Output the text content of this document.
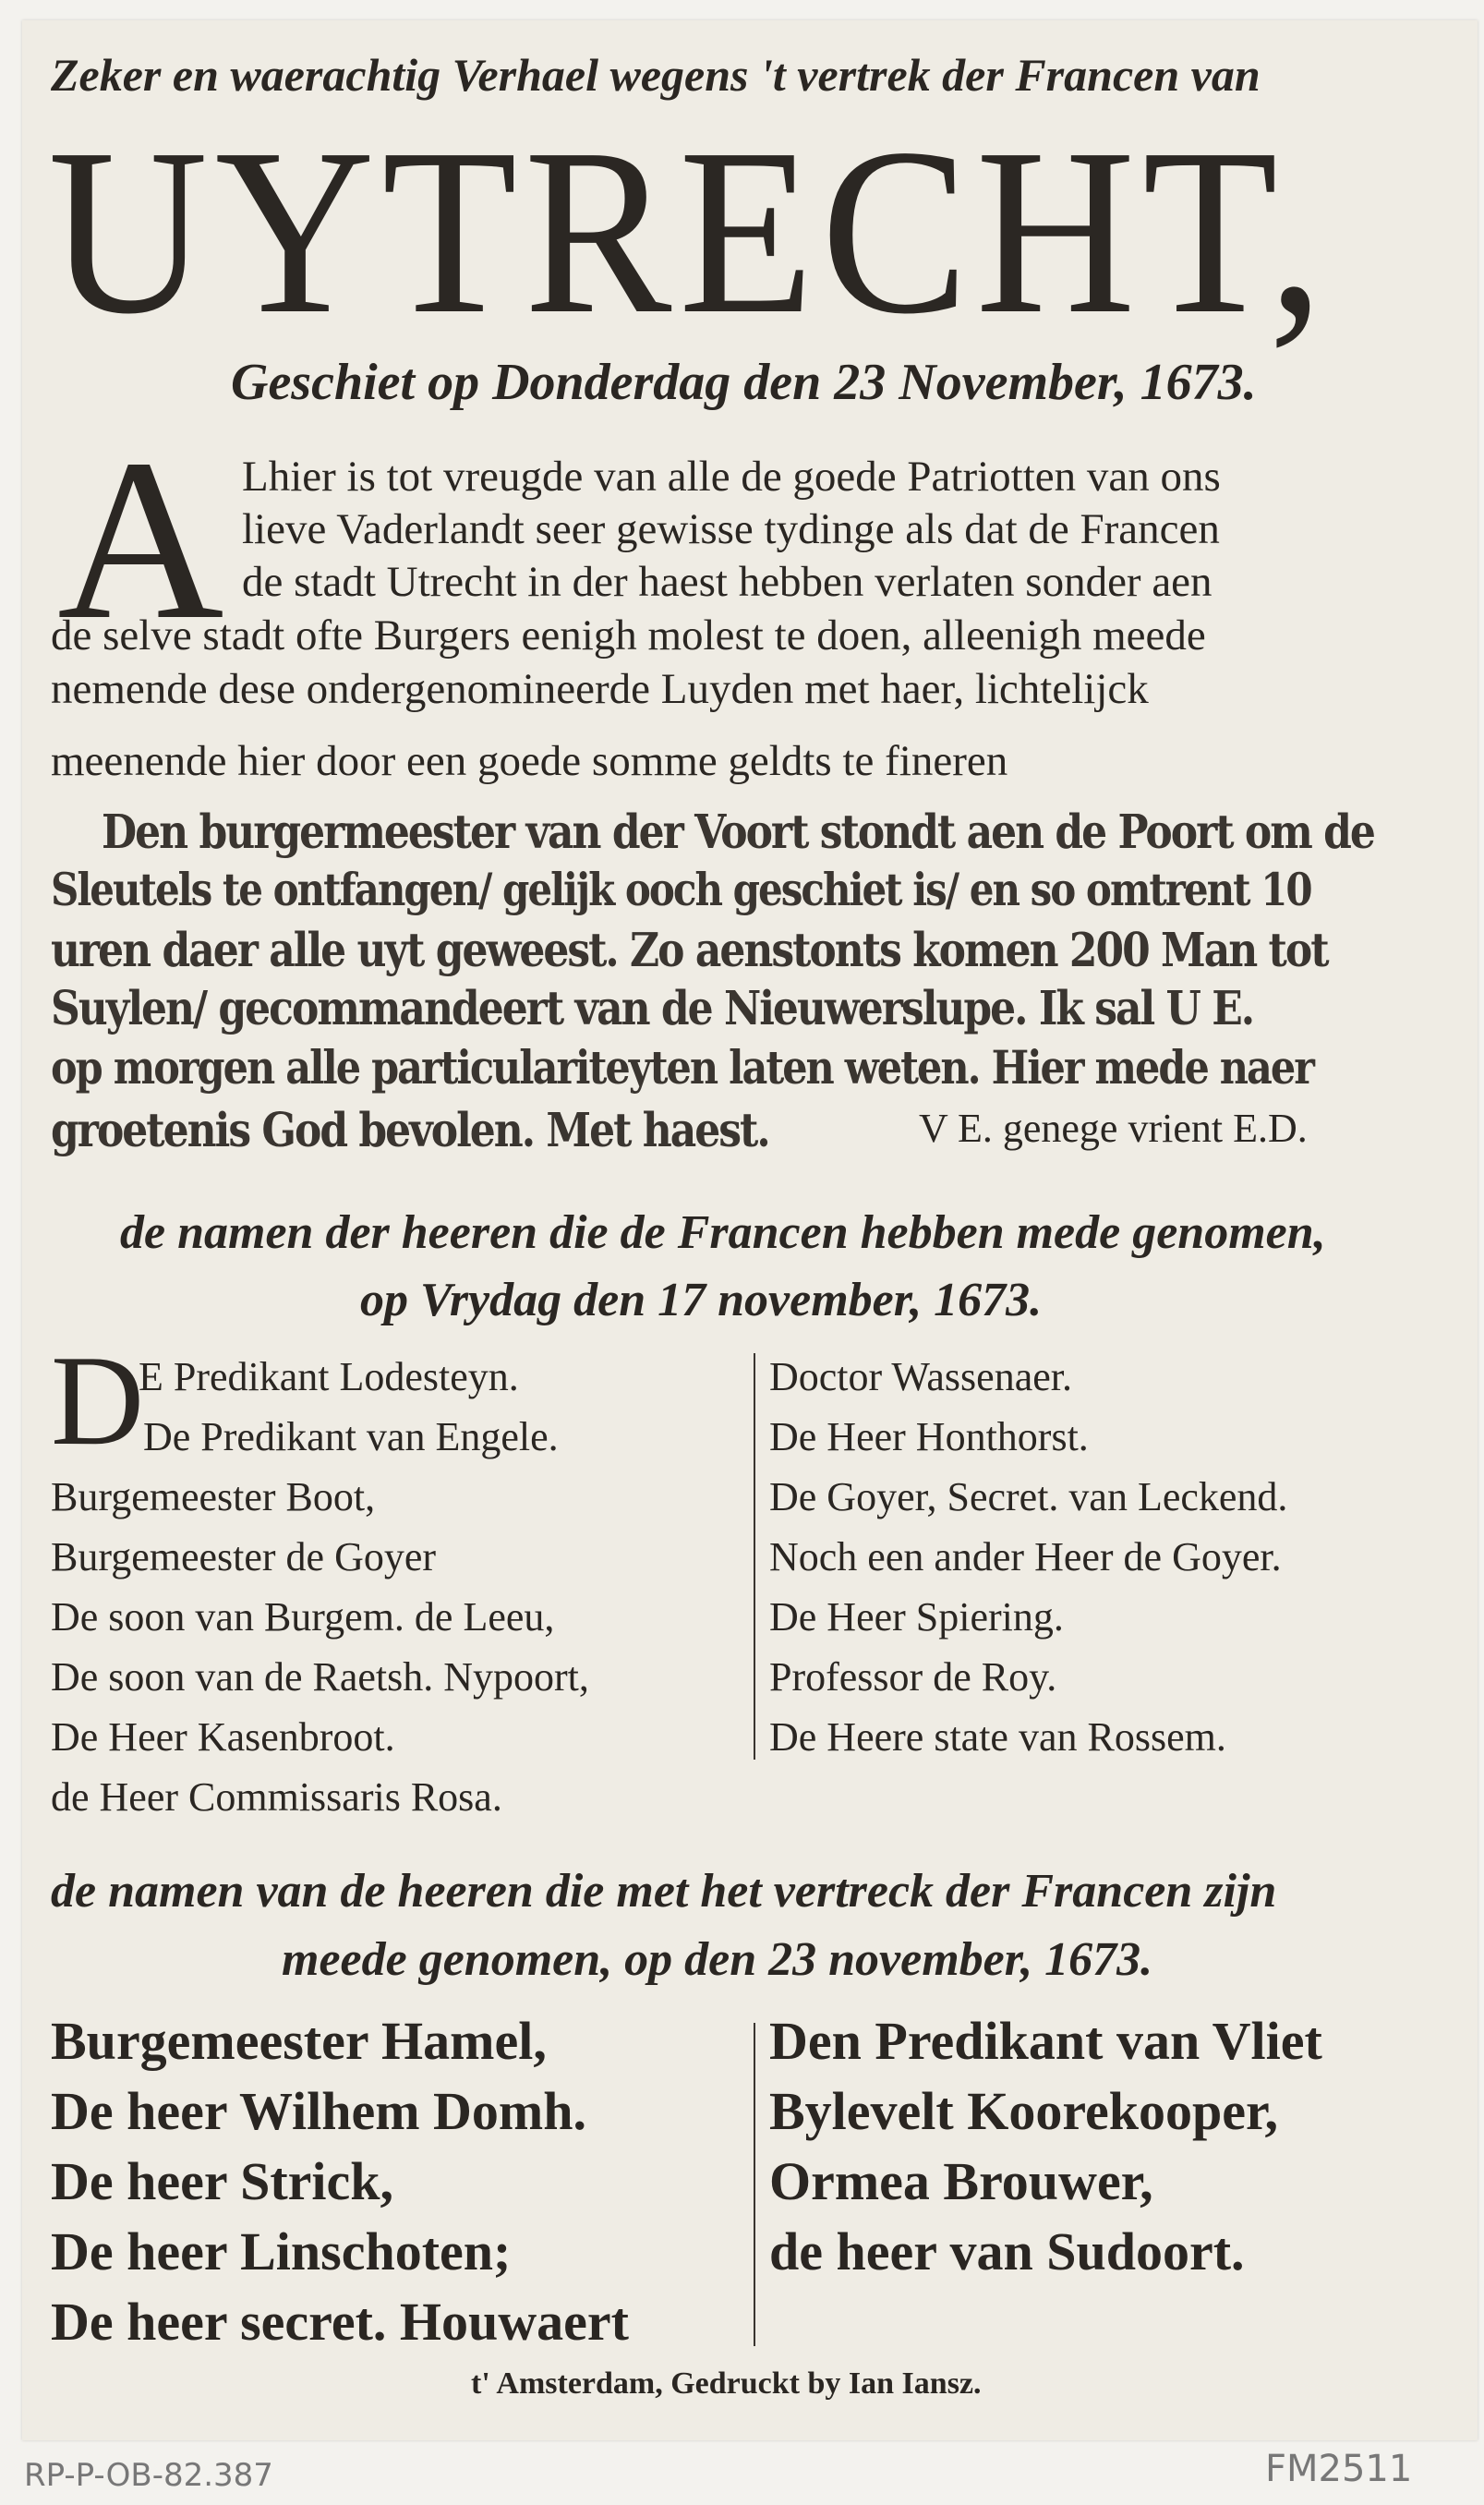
Zeker en waerachtig Verhael wegens 't vertrek der Francen van
UYTRECHT,
Geschiet op Donderdag den 23 November, 1673.
A Lhier is tot vreugde van alle de goede Patriotten van ons
lieve Vaderlandt seer gewisse tydinge als dat de Francen
de stadt Utrecht in der haest hebben verlaten sonder aen
de selve stadt ofte Burgers eenigh molest te doen, alleenigh meede
nemende dese ondergenomineerde Luyden met haer, lichtelijck
meenende hier door een goede somme geldts te fineren
Den burgermeester van der Voort stondt aen de Poort om de
Sleutels te ontfangen/ gelijk ooch geschiet is/ en so omtrent 10
uren daer alle uyt geweest. Zo aenstonts komen 200 Man tot
Suylen/ gecommandeert van de Nieuwerslupe. Ik sal U E.
op morgen alle particulariteyten laten weten. Hier mede naer
groetenis God bevolen. Met haest.	V E. genege vrient E.D.
de namen der heeren die de Francen hebben mede genomen,
op Vrydag den 17 november, 1673.
D
E Predikant Lodesteyn.
De Predikant van Engele.
Burgemeester Boot,
Burgemeester de Goyer
De soon van Burgem. de Leeu,
De soon van de Raetsh. Nypoort,
De Heer Kasenbroot.
de Heer Commissaris Rosa.
Doctor Wassenaer.
De Heer Honthorst.
De Goyer, Secret. van Leckend.
Noch een ander Heer de Goyer.
De Heer Spiering.
Professor de Roy.
De Heere state van Rossem.
de namen van de heeren die met het vertreck der Francen zijn
meede genomen, op den 23 november, 1673.
Burgemeester Hamel,
De heer Wilhem Domh.
De heer Strick,
De heer Linschoten;
De heer secret. Houwaert
Den Predikant van Vliet
Bylevelt Koorekooper,
Ormea Brouwer,
de heer van Sudoort.
t' Amsterdam, Gedruckt by Ian Iansz.
RP-P-OB-82.387	FM2511
